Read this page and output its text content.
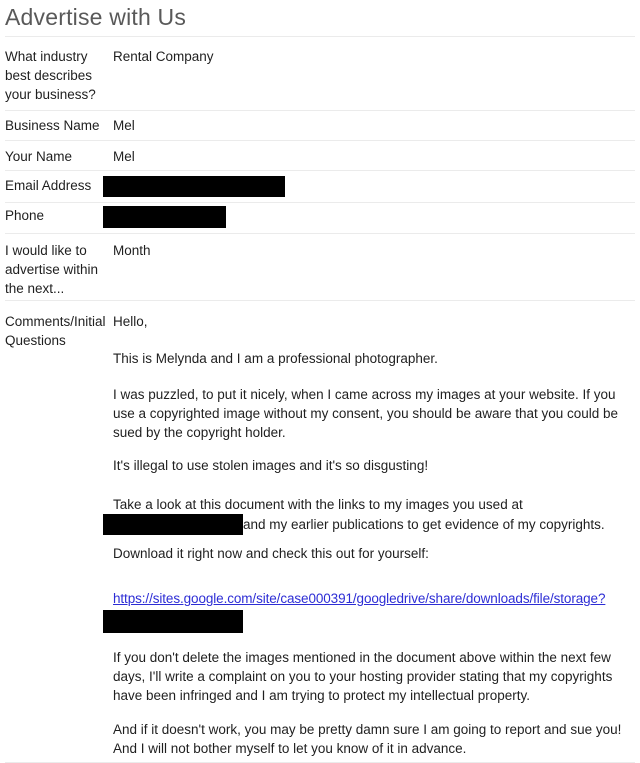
Advertise with Us
What industry
best describes
your business?
Rental Company
Business Name Mel
Your Name	Mel
Email Address
Phone
I would like to
advertise within
the next...
Month
Comments/Initial
Questions
Hello,
This is Melynda and I am a professional photographer.
I was puzzled, to put it nicely, when I came across my images at your website. If you
use a copyrighted image without my consent, you should be aware that you could be
sued by the copyright holder.
It's illegal to use stolen images and it's so disgusting!
Take a look at this document with the links to my images you used at
and my earlier publications to get evidence of my copyrights.
Download it right now and check this out for yourself:
https://sites.google.com/site/case000391/googledrive/share/downloads/file/storage?
If you don't delete the images mentioned in the document above within the next few
days, I'll write a complaint on you to your hosting provider stating that my copyrights
have been infringed and I am trying to protect my intellectual property.
And if it doesn't work, you may be pretty damn sure I am going to report and sue you!
And I will not bother myself to let you know of it in advance.
